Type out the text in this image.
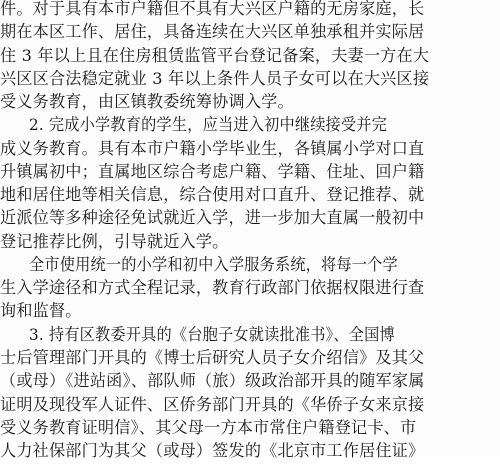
件。对于具有本市户籍但不具有大兴区户籍的无房家庭，长
期在本区工作、居住，具备连续在大兴区单独承租并实际居
住 3 年以上且在住房租赁监管平台登记备案，夫妻一方在大
兴区区合法稳定就业 3 年以上条件人员子女可以在大兴区接
受义务教育，由区镇教委统筹协调入学。
2. 完成小学教育的学生，应当进入初中继续接受并完
成义务教育。具有本市户籍小学毕业生，各镇属小学对口直
升镇属初中；直属地区综合考虑户籍、学籍、住址、回户籍
地和居住地等相关信息，综合使用对口直升、登记推荐、就
近派位等多种途径免试就近入学，进一步加大直属一般初中
登记推荐比例，引导就近入学。
全市使用统一的小学和初中入学服务系统，将每一个学
生入学途径和方式全程记录，教育行政部门依据权限进行查
询和监督。
3. 持有区教委开具的《台胞子女就读批准书》、全国博
士后管理部门开具的《博士后研究人员子女介绍信》及其父
（或母）《进站函》、部队师（旅）级政治部开具的随军家属
证明及现役军人证件、区侨务部门开具的《华侨子女来京接
受义务教育证明信》、其父母一方本市常住户籍登记卡、市
人力社保部门为其父（或母）签发的《北京市工作居住证》
